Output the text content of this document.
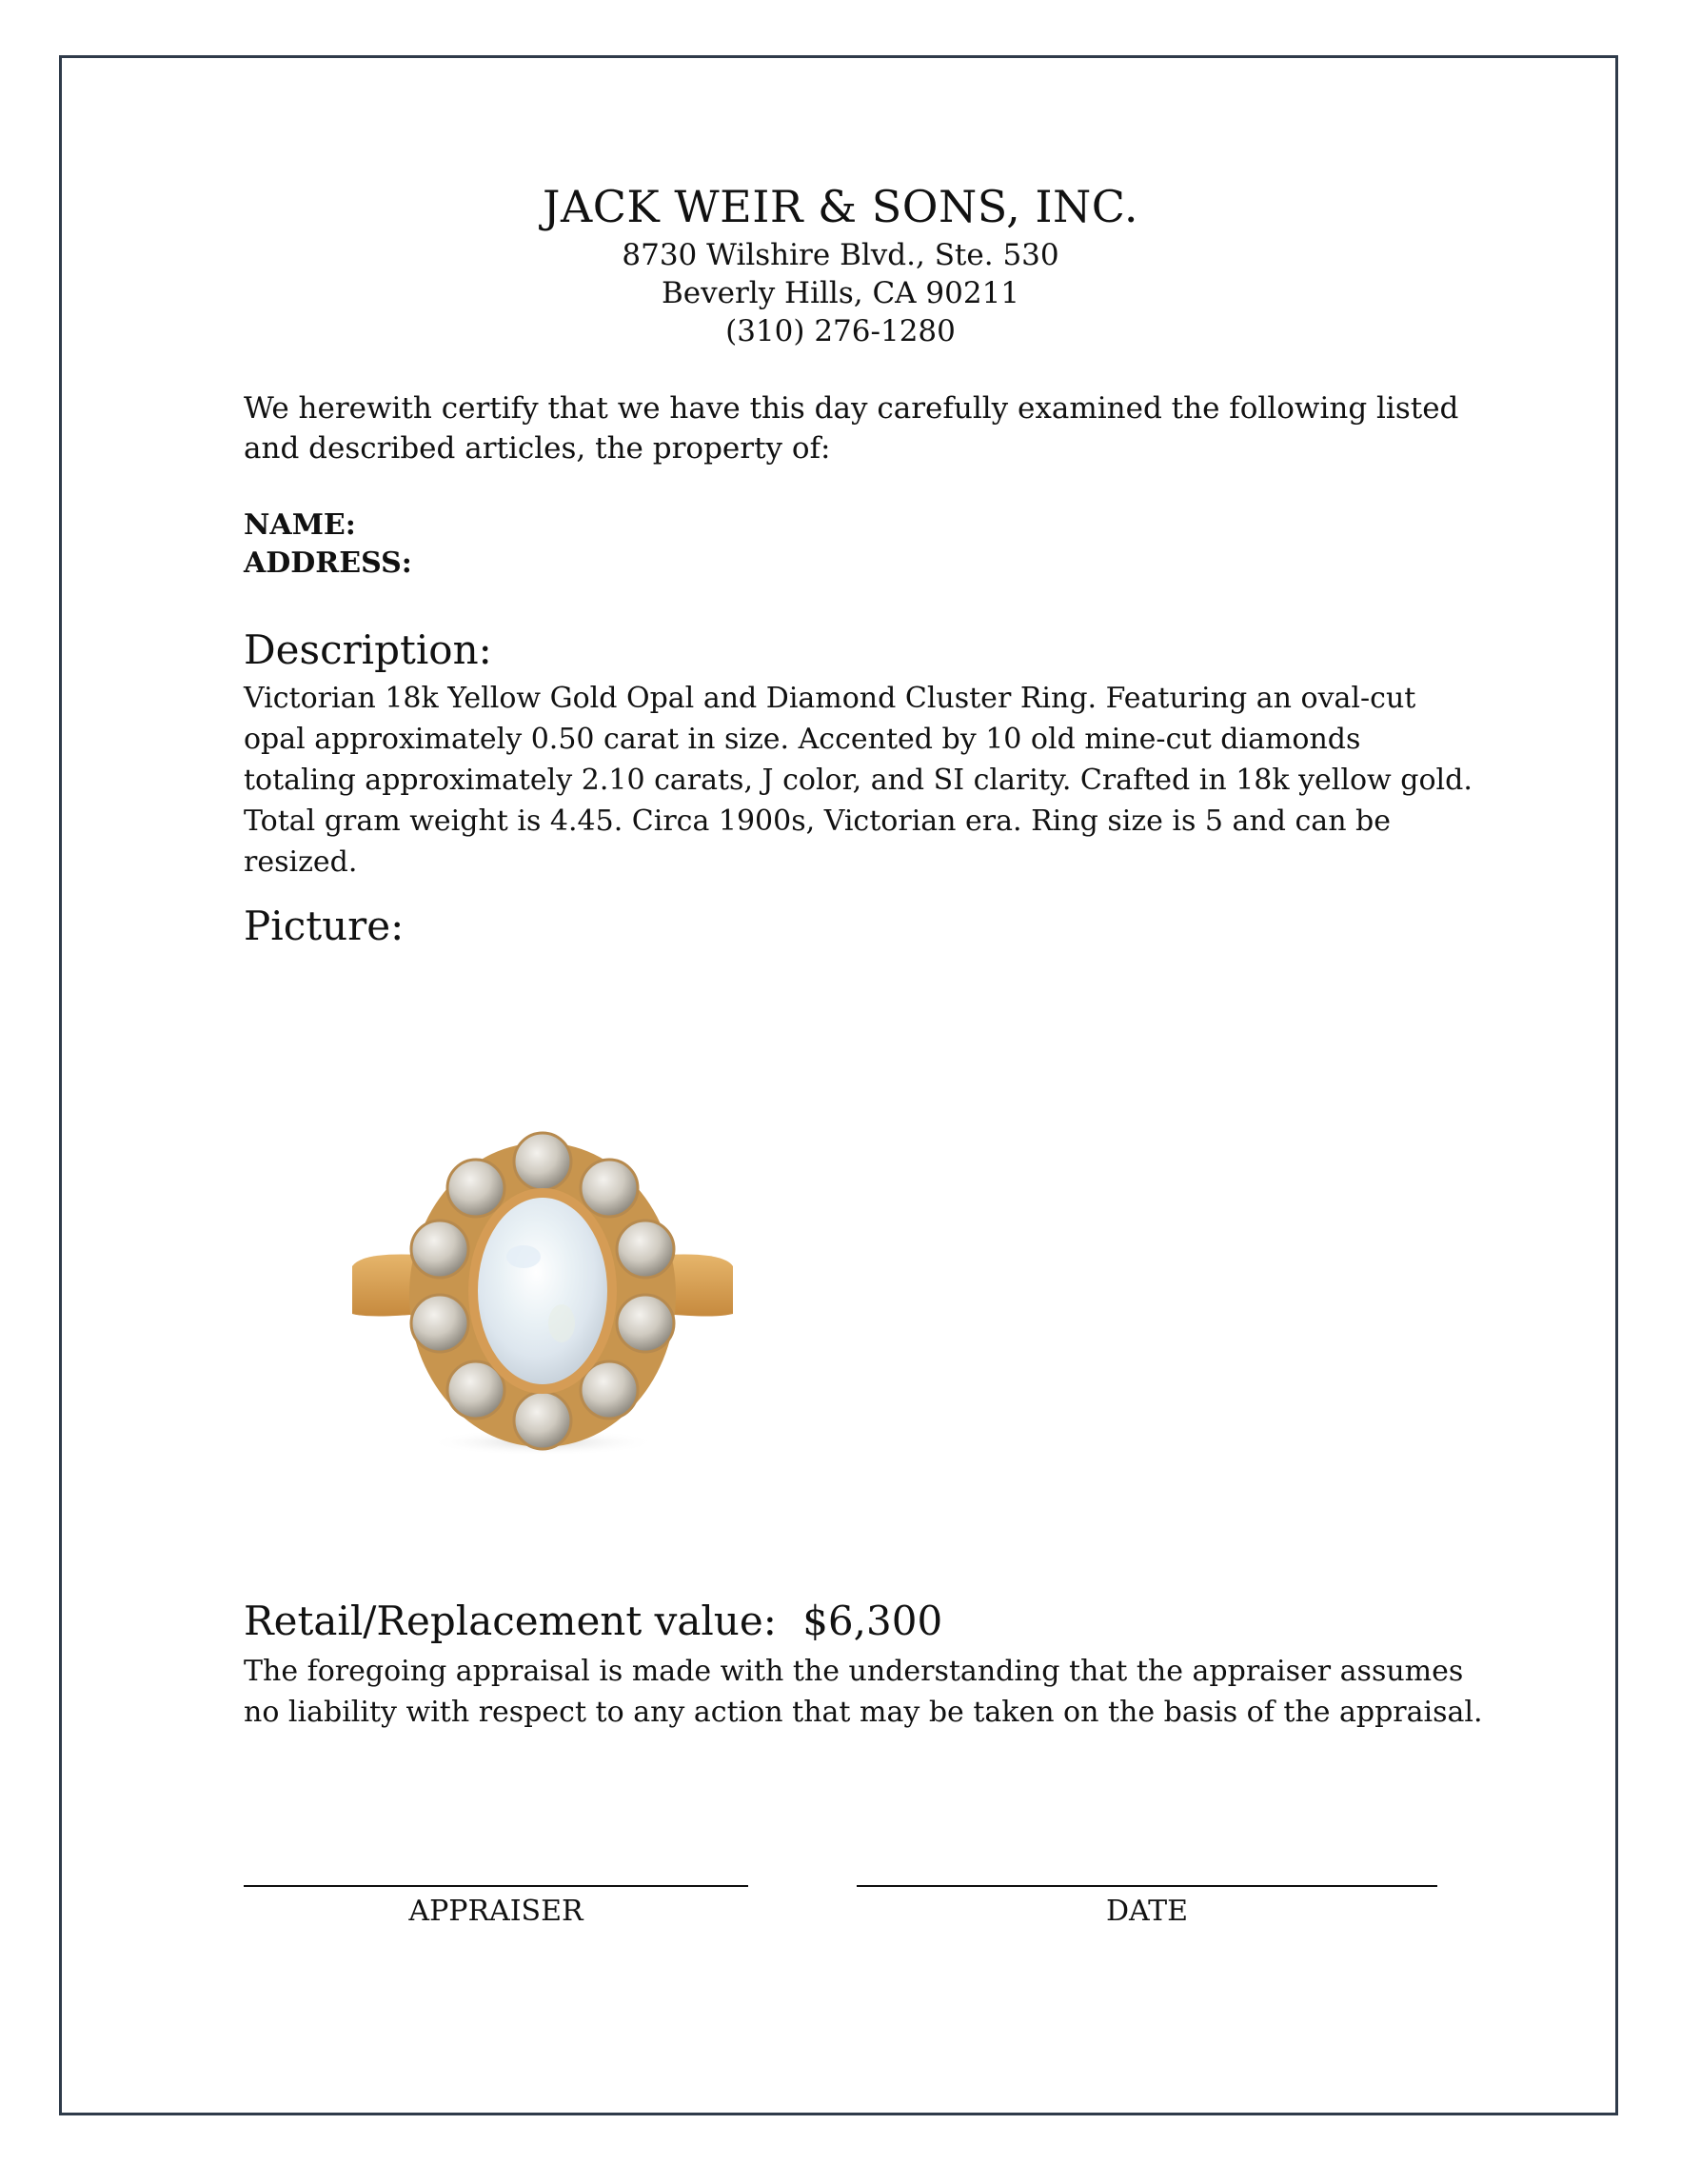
JACK WEIR & SONS, INC.
8730 Wilshire Blvd., Ste. 530
Beverly Hills, CA 90211
(310) 276-1280
We herewith certify that we have this day carefully examined the following listed and described articles, the property of:
NAME:
ADDRESS:
Description:
Victorian 18k Yellow Gold Opal and Diamond Cluster Ring. Featuring an oval-cut opal approximately 0.50 carat in size. Accented by 10 old mine-cut diamonds totaling approximately 2.10 carats, J color, and SI clarity. Crafted in 18k yellow gold. Total gram weight is 4.45. Circa 1900s, Victorian era. Ring size is 5 and can be resized.
Picture:
Retail/Replacement value: $6,300
The foregoing appraisal is made with the understanding that the appraiser assumes no liability with respect to any action that may be taken on the basis of the appraisal.
APPRAISER	DATE
